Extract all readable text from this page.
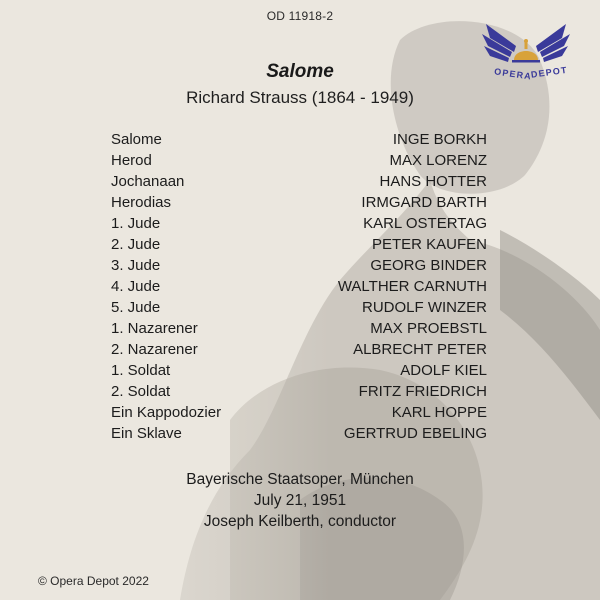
OD 11918-2
OPERA
DEPOT
Salome
Richard Strauss (1864 - 1949)
Salome	INGE BORKH
Herod	MAX LORENZ
Jochanaan	HANS HOTTER
Herodias	IRMGARD BARTH
1. Jude	KARL OSTERTAG
2. Jude	PETER KAUFEN
3. Jude	GEORG BINDER
4. Jude	WALTHER CARNUTH
5. Jude	RUDOLF WINZER
1. Nazarener	MAX PROEBSTL
2. Nazarener	ALBRECHT PETER
1. Soldat	ADOLF KIEL
2. Soldat	FRITZ FRIEDRICH
Ein Kappodozier	KARL HOPPE
Ein Sklave	GERTRUD EBELING
Bayerische Staatsoper, München
July 21, 1951
Joseph Keilberth, conductor
© Opera Depot 2022
